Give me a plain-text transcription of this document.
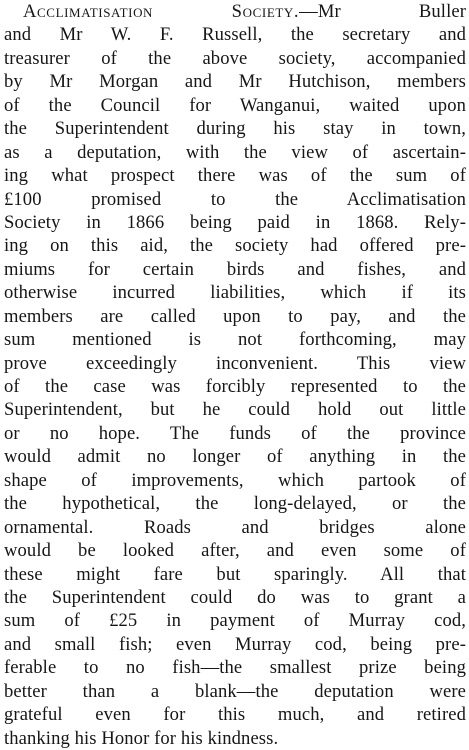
Acclimatisation Society.—Mr Buller
and Mr W. F. Russell, the secretary and
treasurer of the above society, accompanied
by Mr Morgan and Mr Hutchison, members
of the Council for Wanganui, waited upon
the Superintendent during his stay in town,
as a deputation, with the view of ascertain-
ing what prospect there was of the sum of
£100 promised to the Acclimatisation
Society in 1866 being paid in 1868. Rely-
ing on this aid, the society had offered pre-
miums for certain birds and fishes, and
otherwise incurred liabilities, which if its
members are called upon to pay, and the
sum mentioned is not forthcoming, may
prove exceedingly inconvenient. This view
of the case was forcibly represented to the
Superintendent, but he could hold out little
or no hope. The funds of the province
would admit no longer of anything in the
shape of improvements, which partook of
the hypothetical, the long-delayed, or the
ornamental. Roads and bridges alone
would be looked after, and even some of
these might fare but sparingly. All that
the Superintendent could do was to grant a
sum of £25 in payment of Murray cod,
and small fish; even Murray cod, being pre-
ferable to no fish—the smallest prize being
better than a blank—the deputation were
grateful even for this much, and retired
thanking his Honor for his kindness.
